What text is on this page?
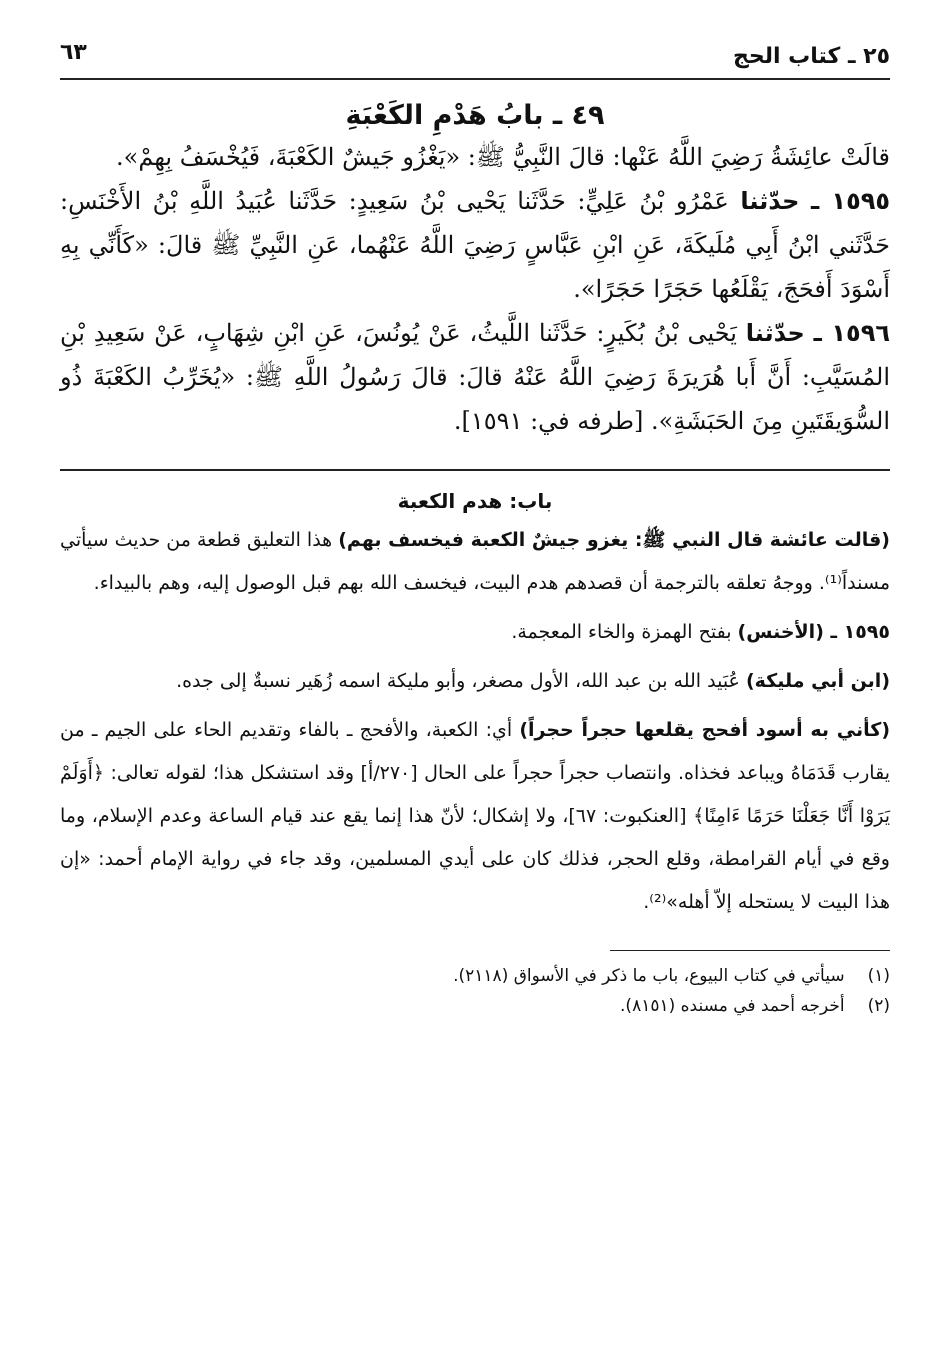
٢٥ ـ كتاب الحج
٦٣
٤٩ ـ بابُ هَدْمِ الكَعْبَةِ

قالَتْ عائِشَةُ رَضِيَ اللَّهُ عَنْها: قالَ النَّبِيُّ ﷺ: «يَغْزُو جَيشٌ الكَعْبَةَ، فَيُخْسَفُ بِهِمْ».

١٥٩٥ ـ حدّثنا عَمْرُو بْنُ عَلِيٍّ: حَدَّثَنا يَحْيى بْنُ سَعِيدٍ: حَدَّثَنا عُبَيدُ اللَّهِ بْنُ الأَخْنَسِ: حَدَّثَني ابْنُ أَبِي مُلَيكَةَ، عَنِ ابْنِ عَبَّاسٍ رَضِيَ اللَّهُ عَنْهُما، عَنِ النَّبِيِّ ﷺ قالَ: «كَأَنِّي بِهِ أَسْوَدَ أَفحَجَ، يَقْلَعُها حَجَرًا حَجَرًا».

١٥٩٦ ـ حدّثنا يَحْيى بْنُ بُكَيرٍ: حَدَّثَنا اللَّيثُ، عَنْ يُونُسَ، عَنِ ابْنِ شِهَابٍ، عَنْ سَعِيدِ بْنِ المُسَيَّبِ: أَنَّ أَبا هُرَيرَةَ رَضِيَ اللَّهُ عَنْهُ قالَ: قالَ رَسُولُ اللَّهِ ﷺ: «يُخَرِّبُ الكَعْبَةَ ذُو السُّوَيقَتَينِ مِنَ الحَبَشَةِ». [طرفه في: ١٥٩١].

باب: هدم الكعبة

(قالت عائشة قال النبي ﷺ: يغزو جيشٌ الكعبة فيخسف بهم) هذا التعليق قطعة من حديث سيأتي مسنداً⁽¹⁾. ووجهُ تعلقه بالترجمة أن قصدهم هدم البيت، فيخسف الله بهم قبل الوصول إليه، وهم بالبيداء.

١٥٩٥ ـ (الأخنس) بفتح الهمزة والخاء المعجمة.

(ابن أبي مليكة) عُبَيد الله بن عبد الله، الأول مصغر، وأبو مليكة اسمه زُهَير نسبةٌ إلى جده.

(كأني به أسود أفحج يقلعها حجراً حجراً) أي: الكعبة، والأفحج ـ بالفاء وتقديم الحاء على الجيم ـ من يقارب قَدَمَاهُ ويباعد فخذاه. وانتصاب حجراً حجراً على الحال [٢٧٠/أ] وقد استشكل هذا؛ لقوله تعالى: ﴿أَوَلَمْ يَرَوْا أَنَّا جَعَلْنَا حَرَمًا ءَامِنًا﴾ [العنكبوت: ٦٧]، ولا إشكال؛ لأنّ هذا إنما يقع عند قيام الساعة وعدم الإسلام، وما وقع في أيام القرامطة، وقلع الحجر، فذلك كان على أيدي المسلمين، وقد جاء في رواية الإمام أحمد: «إن هذا البيت لا يستحله إلاّ أهله»⁽²⁾.

(١) سيأتي في كتاب البيوع، باب ما ذكر في الأسواق (٢١١٨).

(٢) أخرجه أحمد في مسنده (٨١٥١).
